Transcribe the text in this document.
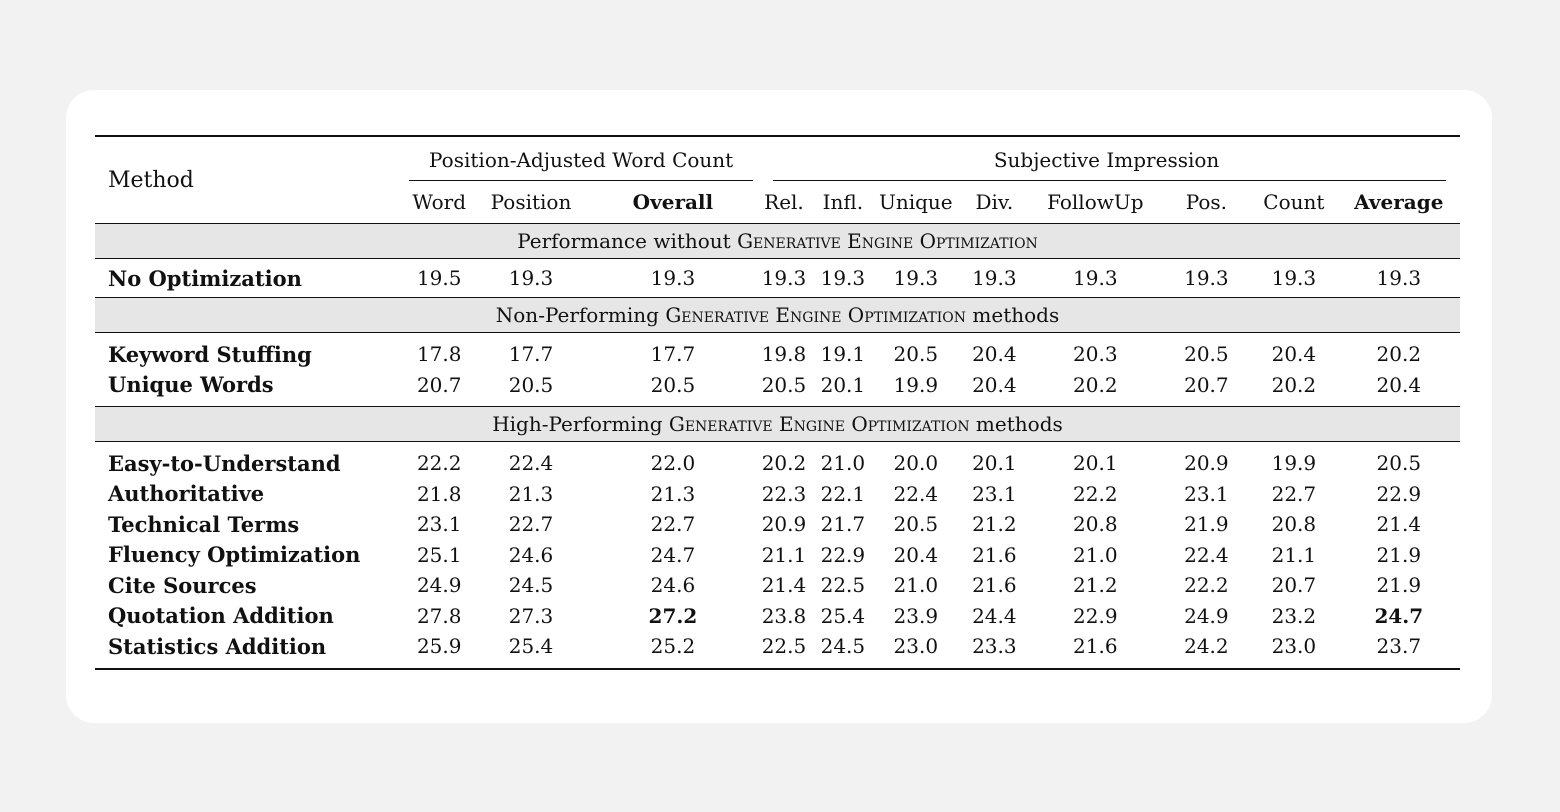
Method	Position-Adjusted Word Count			Subjective Impression							

	Word	Position	Overall	Rel.	Infl.	Unique	Div.	FollowUp	Pos.	Count	Average

Performance without Generative Engine Optimization											

No Optimization	19.5	19.3	19.3	19.3	19.3	19.3	19.3	19.3	19.3	19.3	19.3

Non-Performing Generative Engine Optimization methods											

Keyword Stuffing	17.8	17.7	17.7	19.8	19.1	20.5	20.4	20.3	20.5	20.4	20.2
Unique Words	20.7	20.5	20.5	20.5	20.1	19.9	20.4	20.2	20.7	20.2	20.4

High-Performing Generative Engine Optimization methods											

Easy-to-Understand	22.2	22.4	22.0	20.2	21.0	20.0	20.1	20.1	20.9	19.9	20.5
Authoritative	21.8	21.3	21.3	22.3	22.1	22.4	23.1	22.2	23.1	22.7	22.9
Technical Terms	23.1	22.7	22.7	20.9	21.7	20.5	21.2	20.8	21.9	20.8	21.4
Fluency Optimization	25.1	24.6	24.7	21.1	22.9	20.4	21.6	21.0	22.4	21.1	21.9
Cite Sources	24.9	24.5	24.6	21.4	22.5	21.0	21.6	21.2	22.2	20.7	21.9
Quotation Addition	27.8	27.3	27.2	23.8	25.4	23.9	24.4	22.9	24.9	23.2	24.7
Statistics Addition	25.9	25.4	25.2	22.5	24.5	23.0	23.3	21.6	24.2	23.0	23.7
